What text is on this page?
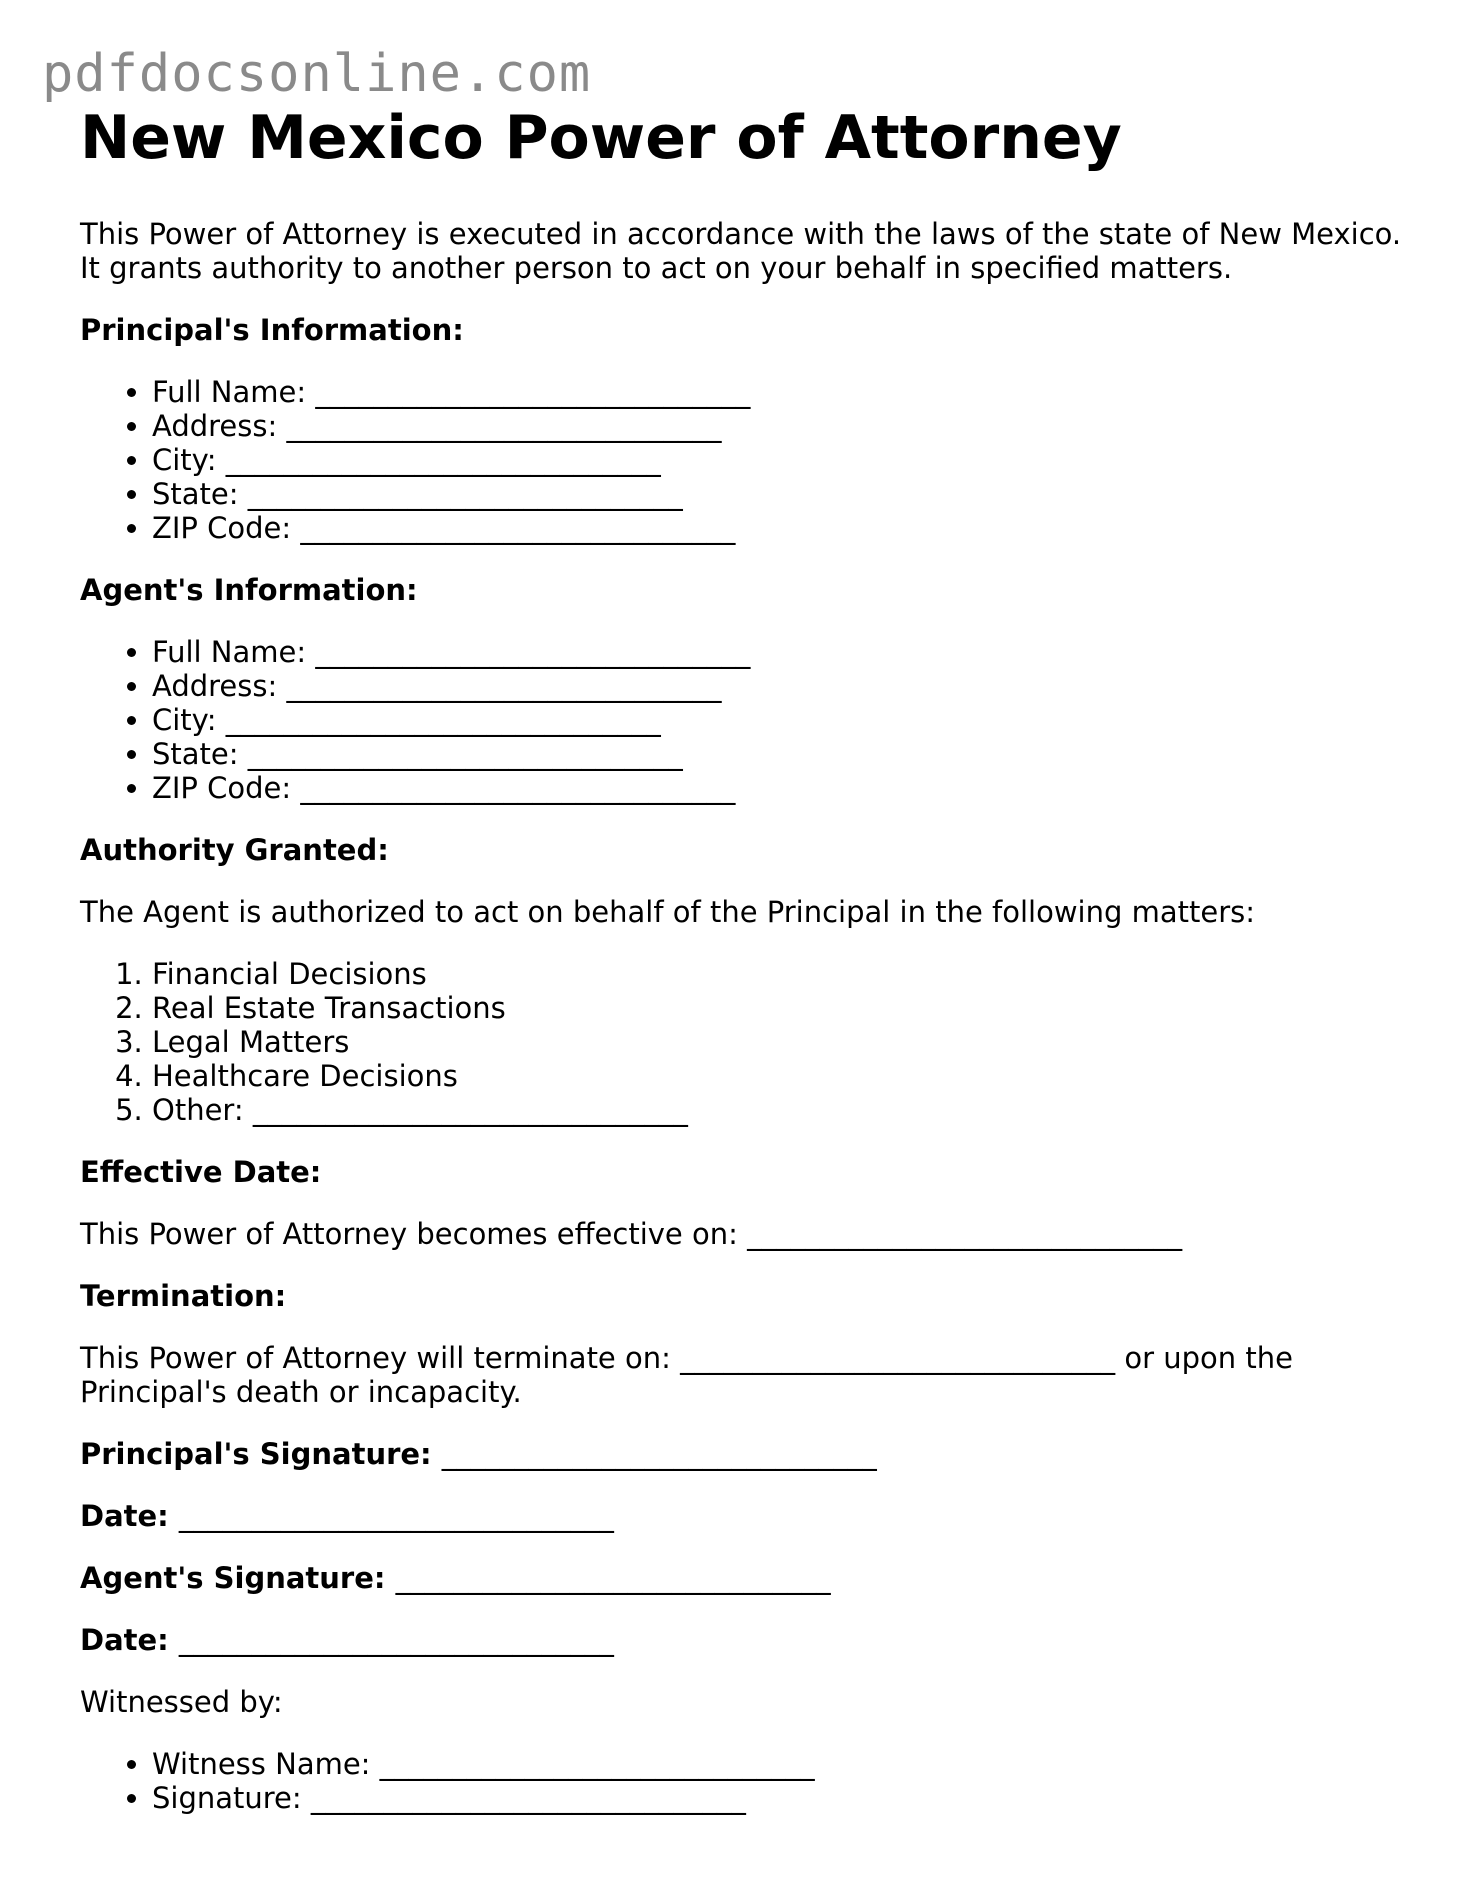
pdfdocsonline.com
New Mexico Power of Attorney

This Power of Attorney is executed in accordance with the laws of the state of New Mexico. It grants authority to another person to act on your behalf in specified matters.

Principal's Information:

• Full Name: ______________________________
• Address: ______________________________
• City: ______________________________
• State: ______________________________
• ZIP Code: ______________________________

Agent's Information:

• Full Name: ______________________________
• Address: ______________________________
• City: ______________________________
• State: ______________________________
• ZIP Code: ______________________________

Authority Granted:

The Agent is authorized to act on behalf of the Principal in the following matters:

1. Financial Decisions
2. Real Estate Transactions
3. Legal Matters
4. Healthcare Decisions
5. Other: ______________________________

Effective Date:

This Power of Attorney becomes effective on: ______________________________

Termination:

This Power of Attorney will terminate on: ______________________________ or upon the Principal's death or incapacity.

Principal's Signature: ______________________________

Date: ______________________________

Agent's Signature: ______________________________

Date: ______________________________

Witnessed by:

• Witness Name: ______________________________
• Signature: ______________________________
